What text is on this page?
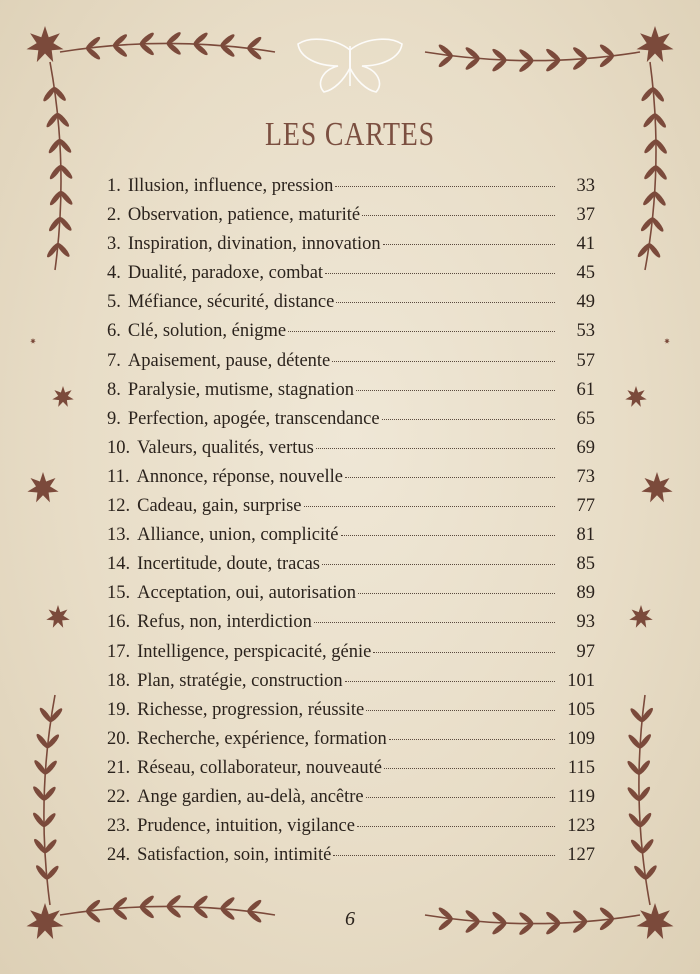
LES CARTES
1. Illusion, influence, pression	33
2. Observation, patience, maturité	37
3. Inspiration, divination, innovation	41
4. Dualité, paradoxe, combat	45
5. Méfiance, sécurité, distance	49
6. Clé, solution, énigme	53
7. Apaisement, pause, détente	57
8. Paralysie, mutisme, stagnation	61
9. Perfection, apogée, transcendance	65
10. Valeurs, qualités, vertus	69
11. Annonce, réponse, nouvelle	73
12. Cadeau, gain, surprise	77
13. Alliance, union, complicité	81
14. Incertitude, doute, tracas	85
15. Acceptation, oui, autorisation	89
16. Refus, non, interdiction	93
17. Intelligence, perspicacité, génie	97
18. Plan, stratégie, construction	101
19. Richesse, progression, réussite	105
20. Recherche, expérience, formation	109
21. Réseau, collaborateur, nouveauté	115
22. Ange gardien, au-delà, ancêtre	119
23. Prudence, intuition, vigilance	123
24. Satisfaction, soin, intimité	127
6
